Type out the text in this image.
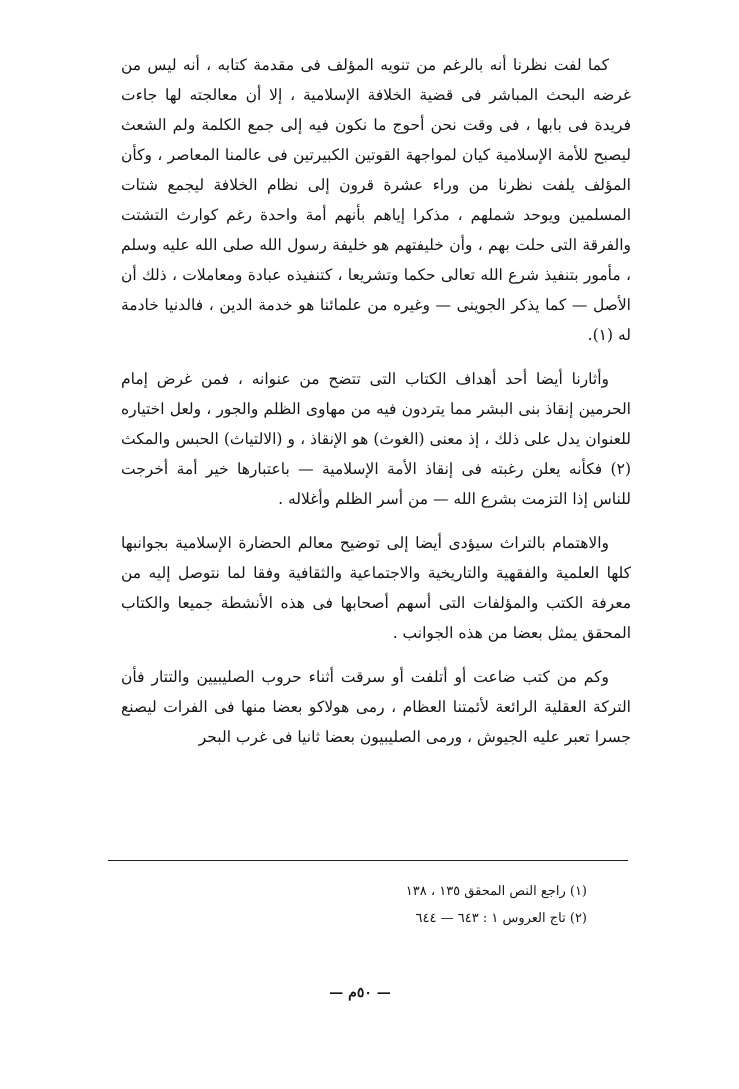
كما لفت نظرنا أنه بالرغم من تنويه المؤلف فى مقدمة كتابه ، أنه ليس من غرضه البحث المباشر فى قضية الخلافة الإسلامية ، إلا أن معالجته لها جاءت فريدة فى بابها ، فى وقت نحن أحوج ما نكون فيه إلى جمع الكلمة ولم الشعث ليصبح للأمة الإسلامية كيان لمواجهة القوتين الكبيرتين فى عالمنا المعاصر ، وكأن المؤلف يلفت نظرنا من وراء عشرة قرون إلى نظام الخلافة ليجمع شتات المسلمين ويوحد شملهم ، مذكرا إياهم بأنهم أمة واحدة رغم كوارث التشتت والفرقة التى حلت بهم ، وأن خليفتهم هو خليفة رسول الله صلى الله عليه وسلم ، مأمور بتنفيذ شرع الله تعالى حكما وتشريعا ، كتنفيذه عبادة ومعاملات ، ذلك أن الأصل — كما يذكر الجوينى — وغيره من علمائنا هو خدمة الدين ، فالدنيا خادمة له (١).

وأثارنا أيضا أحد أهداف الكتاب التى تتضح من عنوانه ، فمن غرض إمام الحرمين إنقاذ بنى البشر مما يتردون فيه من مهاوى الظلم والجور ، ولعل اختياره للعنوان يدل على ذلك ، إذ معنى (الغوث) هو الإنقاذ ، و (الالتياث) الحبس والمكث (٢) فكأنه يعلن رغبته فى إنقاذ الأمة الإسلامية — باعتبارها خير أمة أخرجت للناس إذا التزمت بشرع الله — من أسر الظلم وأغلاله .

والاهتمام بالتراث سيؤدى أيضا إلى توضيح معالم الحضارة الإسلامية بجوانبها كلها العلمية والفقهية والتاريخية والاجتماعية والثقافية وفقا لما نتوصل إليه من معرفة الكتب والمؤلفات التى أسهم أصحابها فى هذه الأنشطة جميعا والكتاب المحقق يمثل بعضا من هذه الجوانب .

وكم من كتب ضاعت أو أتلفت أو سرقت أثناء حروب الصليبيين والتتار فأن التركة العقلية الرائعة لأئمتنا العظام ، رمى هولاكو بعضا منها فى الفرات ليصنع جسرا تعبر عليه الجيوش ، ورمى الصليبيون بعضا ثانيا فى غرب البحر

(١) راجع النص المحقق ١٣٥ ، ١٣٨
(٢) تاج العروس ١ : ٦٤٣ — ٦٤٤
— ٥٠م —
